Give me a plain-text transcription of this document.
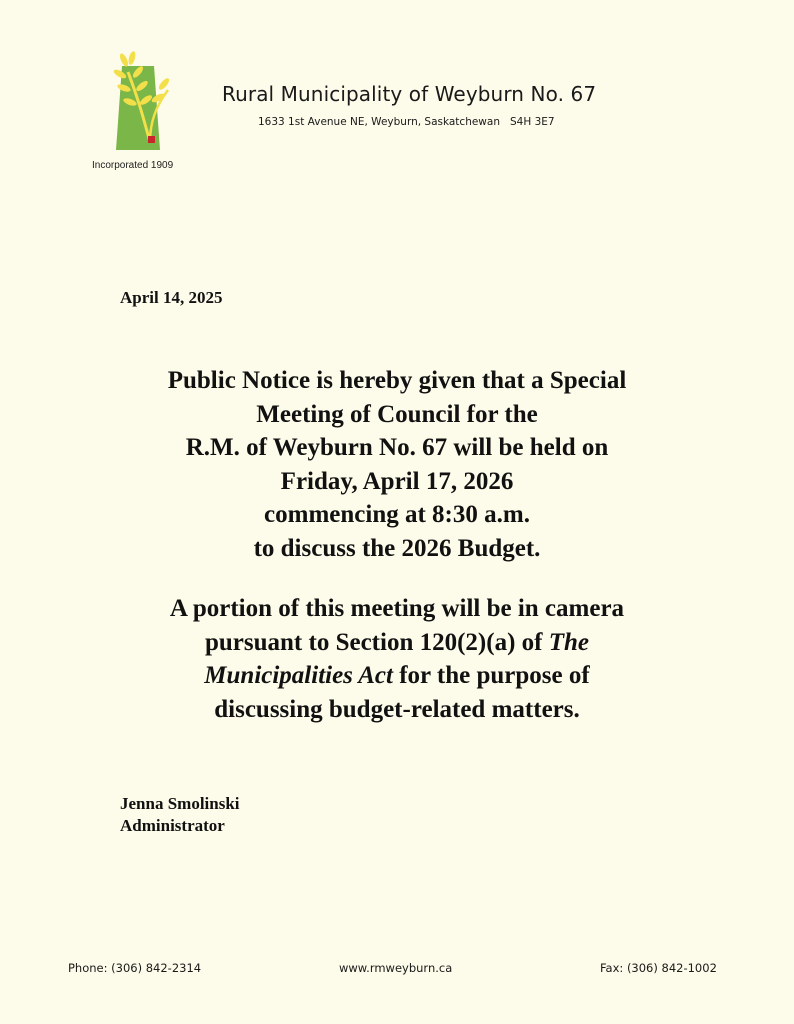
Incorporated 1909
Rural Municipality of Weyburn No. 67
1633 1st Avenue NE, Weyburn, Saskatchewan   S4H 3E7
April 14, 2025
Public Notice is hereby given that a Special
Meeting of Council for the
R.M. of Weyburn No. 67 will be held on
Friday, April 17, 2026
commencing at 8:30 a.m.
to discuss the 2026 Budget.
A portion of this meeting will be in camera
pursuant to Section 120(2)(a) of The
Municipalities Act for the purpose of
discussing budget-related matters.
Jenna Smolinski
Administrator
Phone: (306) 842-2314	www.rmweyburn.ca	Fax: (306) 842-1002
